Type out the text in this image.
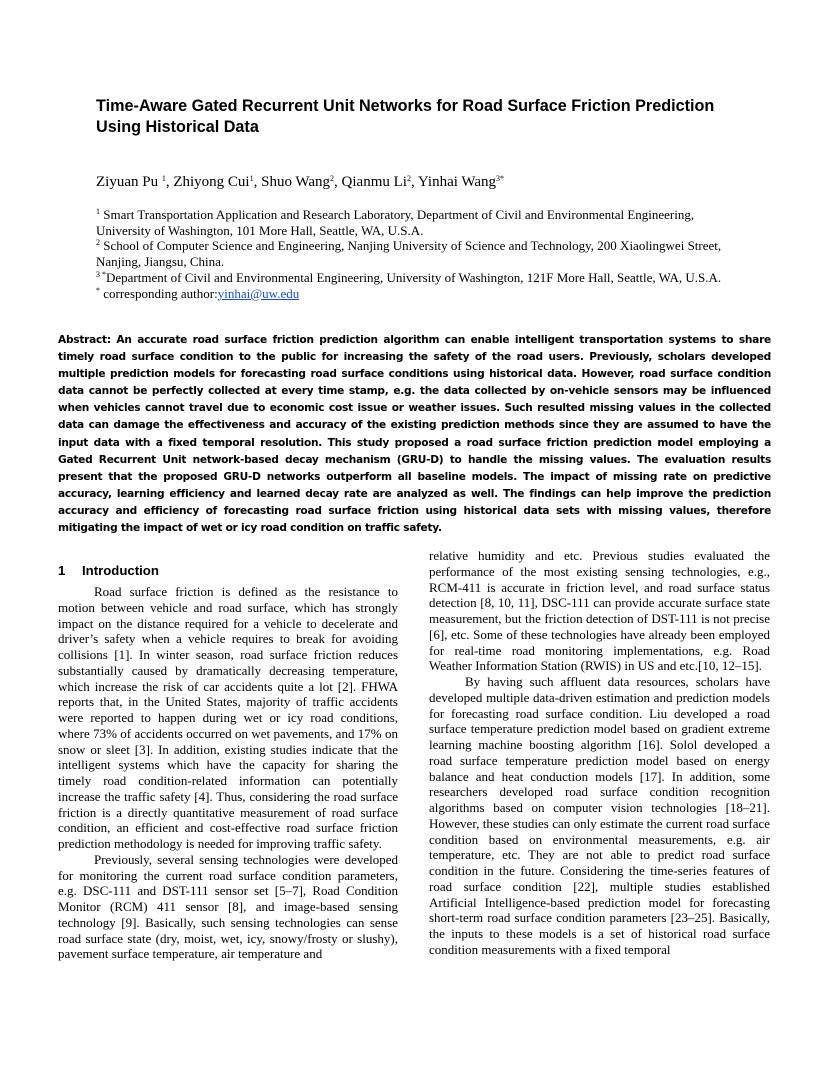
Time-Aware Gated Recurrent Unit Networks for Road Surface Friction Prediction Using Historical Data

Ziyuan Pu $^1$, Zhiyong Cui$^1$, Shuo Wang$^2$, Qianmu Li$^2$, Yinhai Wang$^{3*}$

$^1$ Smart Transportation Application and Research Laboratory, Department of Civil and Environmental Engineering, University of Washington, 101 More Hall, Seattle, WA, U.S.A.

$^2$ School of Computer Science and Engineering, Nanjing University of Science and Technology, 200 Xiaolingwei Street, Nanjing, Jiangsu, China.

$^{3 *}$Department of Civil and Environmental Engineering, University of Washington, 121F More Hall, Seattle, WA, U.S.A.

* corresponding author:yinhai@uw.edu

Abstract: An accurate road surface friction prediction algorithm can enable intelligent transportation systems to share timely road surface condition to the public for increasing the safety of the road users. Previously, scholars developed multiple prediction models for forecasting road surface conditions using historical data. However, road surface condition data cannot be perfectly collected at every time stamp, e.g. the data collected by on-vehicle sensors may be influenced when vehicles cannot travel due to economic cost issue or weather issues. Such resulted missing values in the collected data can damage the effectiveness and accuracy of the existing prediction methods since they are assumed to have the input data with a fixed temporal resolution. This study proposed a road surface friction prediction model employing a Gated Recurrent Unit network-based decay mechanism (GRU-D) to handle the missing values. The evaluation results present that the proposed GRU-D networks outperform all baseline models. The impact of missing rate on predictive accuracy, learning efficiency and learned decay rate are analyzed as well. The findings can help improve the prediction accuracy and efficiency of forecasting road surface friction using historical data sets with missing values, therefore mitigating the impact of wet or icy road condition on traffic safety.

1 Introduction

Road surface friction is defined as the resistance to motion between vehicle and road surface, which has strongly impact on the distance required for a vehicle to decelerate and driver’s safety when a vehicle requires to break for avoiding collisions [1]. In winter season, road surface friction reduces substantially caused by dramatically decreasing temperature, which increase the risk of car accidents quite a lot [2]. FHWA reports that, in the United States, majority of traffic accidents were reported to happen during wet or icy road conditions, where 73% of accidents occurred on wet pavements, and 17% on snow or sleet [3]. In addition, existing studies indicate that the intelligent systems which have the capacity for sharing the timely road condition-related information can potentially increase the traffic safety [4]. Thus, considering the road surface friction is a directly quantitative measurement of road surface condition, an efficient and cost-effective road surface friction prediction methodology is needed for improving traffic safety.

Previously, several sensing technologies were developed for monitoring the current road surface condition parameters, e.g. DSC-111 and DST-111 sensor set [5–7], Road Condition Monitor (RCM) 411 sensor [8], and image-based sensing technology [9]. Basically, such sensing technologies can sense road surface state (dry, moist, wet, icy, snowy/frosty or slushy), pavement surface temperature, air temperature and

relative humidity and etc. Previous studies evaluated the performance of the most existing sensing technologies, e.g., RCM-411 is accurate in friction level, and road surface status detection [8, 10, 11], DSC-111 can provide accurate surface state measurement, but the friction detection of DST-111 is not precise [6], etc. Some of these technologies have already been employed for real-time road monitoring implementations, e.g. Road Weather Information Station (RWIS) in US and etc.[10, 12–15].

By having such affluent data resources, scholars have developed multiple data-driven estimation and prediction models for forecasting road surface condition. Liu developed a road surface temperature prediction model based on gradient extreme learning machine boosting algorithm [16]. Solol developed a road surface temperature prediction model based on energy balance and heat conduction models [17]. In addition, some researchers developed road surface condition recognition algorithms based on computer vision technologies [18–21]. However, these studies can only estimate the current road surface condition based on environmental measurements, e.g. air temperature, etc. They are not able to predict road surface condition in the future. Considering the time-series features of road surface condition [22], multiple studies established Artificial Intelligence-based prediction model for forecasting short-term road surface condition parameters [23–25]. Basically, the inputs to these models is a set of historical road surface condition measurements with a fixed temporal
